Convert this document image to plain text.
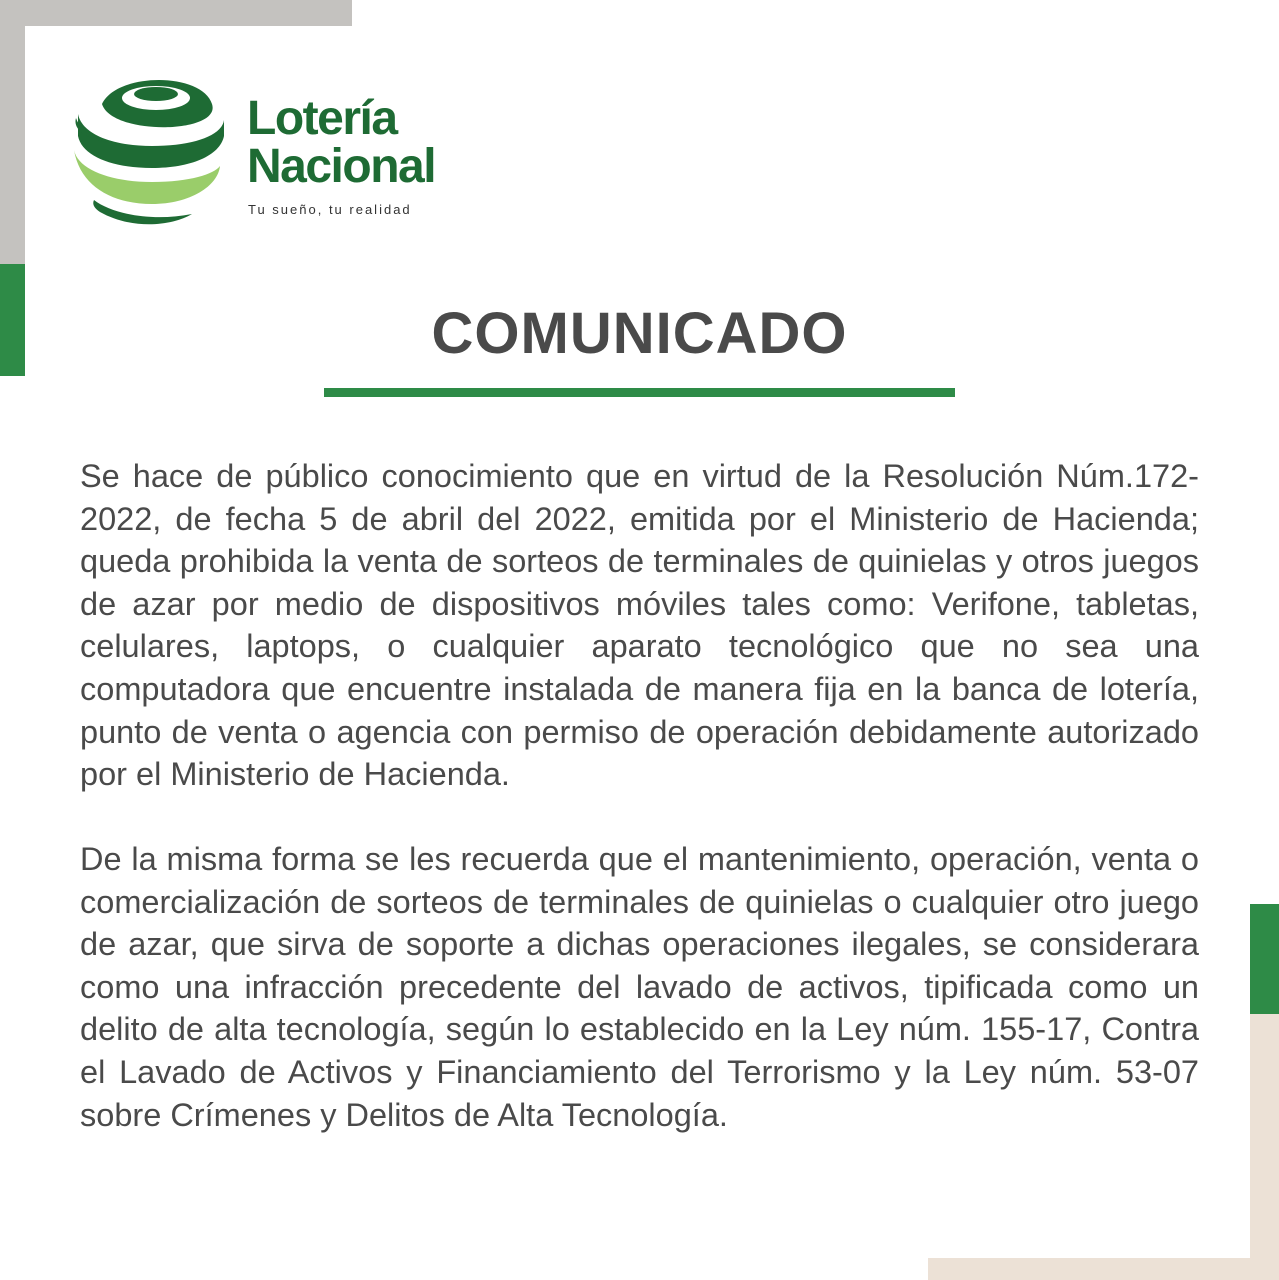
Lotería

Nacional

Tu sueño, tu realidad

COMUNICADO

Se hace de público conocimiento que en virtud de la Resolución Núm.172-2022, de fecha 5 de abril del 2022, emitida por el Ministerio de Hacienda; queda prohibida la venta de sorteos de terminales de quinielas y otros juegos de azar por medio de dispositivos móviles tales como: Verifone, tabletas, celulares, laptops, o cualquier aparato tecnológico que no sea una computadora que encuentre instalada de manera fija en la banca de lotería, punto de venta o agencia con permiso de operación debidamente autorizado por el Ministerio de Hacienda.

De la misma forma se les recuerda que el mantenimiento, operación, venta o comercialización de sorteos de terminales de quinielas o cualquier otro juego de azar, que sirva de soporte a dichas operaciones ilegales, se considerara como una infracción precedente del lavado de activos, tipificada como un delito de alta tecnología, según lo establecido en la Ley núm. 155-17, Contra el Lavado de Activos y Financiamiento del Terrorismo y la Ley núm. 53-07 sobre Crímenes y Delitos de Alta Tecnología.
